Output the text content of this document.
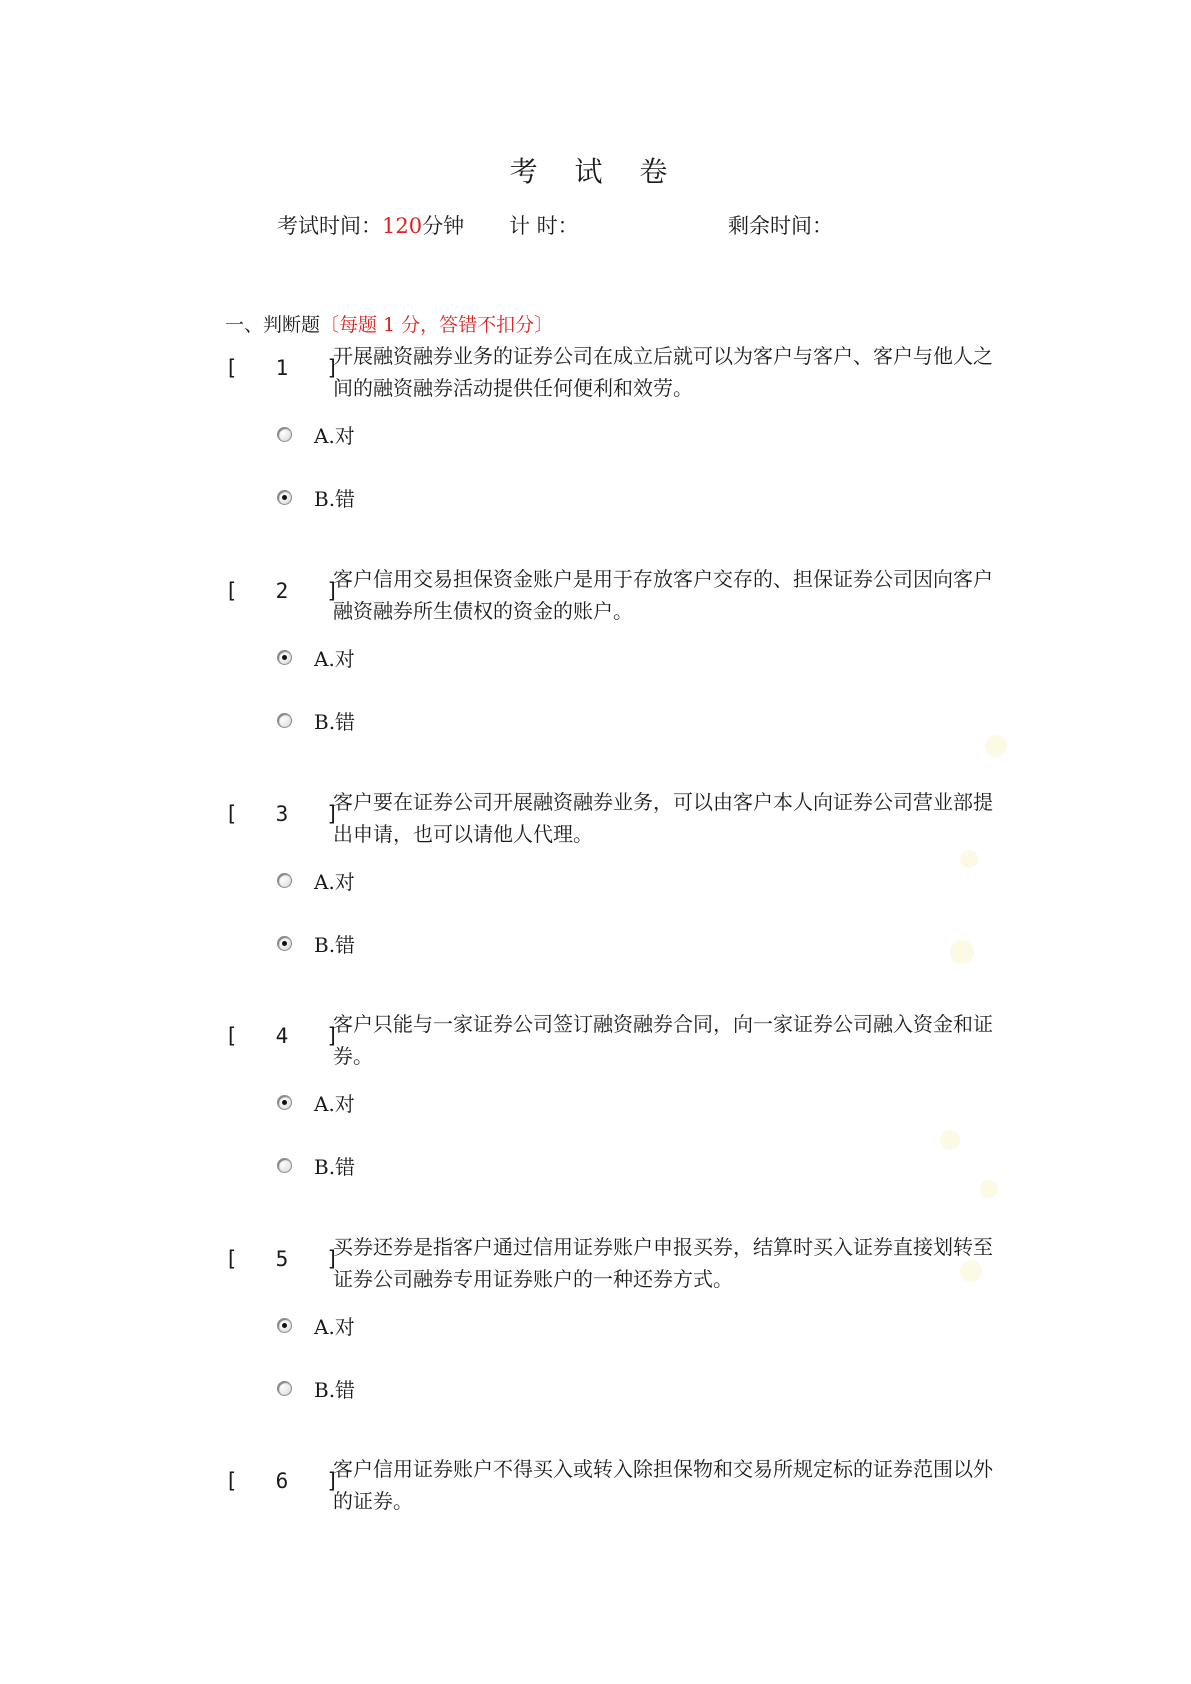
考 试 卷
考试时间：120分钟 计 时：	剩余时间：
一、判断题〔每题 1 分，答错不扣分〕
[   1   ]
开展融资融券业务的证券公司在成立后就可以为客户与客户、客户与他人之间的融资融券活动提供任何便利和效劳。
A.对
B.错
[   2   ]
客户信用交易担保资金账户是用于存放客户交存的、担保证券公司因向客户融资融券所生债权的资金的账户。
A.对
B.错
[   3   ]
客户要在证券公司开展融资融券业务，可以由客户本人向证券公司营业部提出申请，也可以请他人代理。
A.对
B.错
[   4   ]
客户只能与一家证券公司签订融资融券合同，向一家证券公司融入资金和证券。
A.对
B.错
[   5   ]
买券还券是指客户通过信用证券账户申报买券，结算时买入证券直接划转至证券公司融券专用证券账户的一种还券方式。
A.对
B.错
[   6   ]
客户信用证券账户不得买入或转入除担保物和交易所规定标的证券范围以外的证券。
